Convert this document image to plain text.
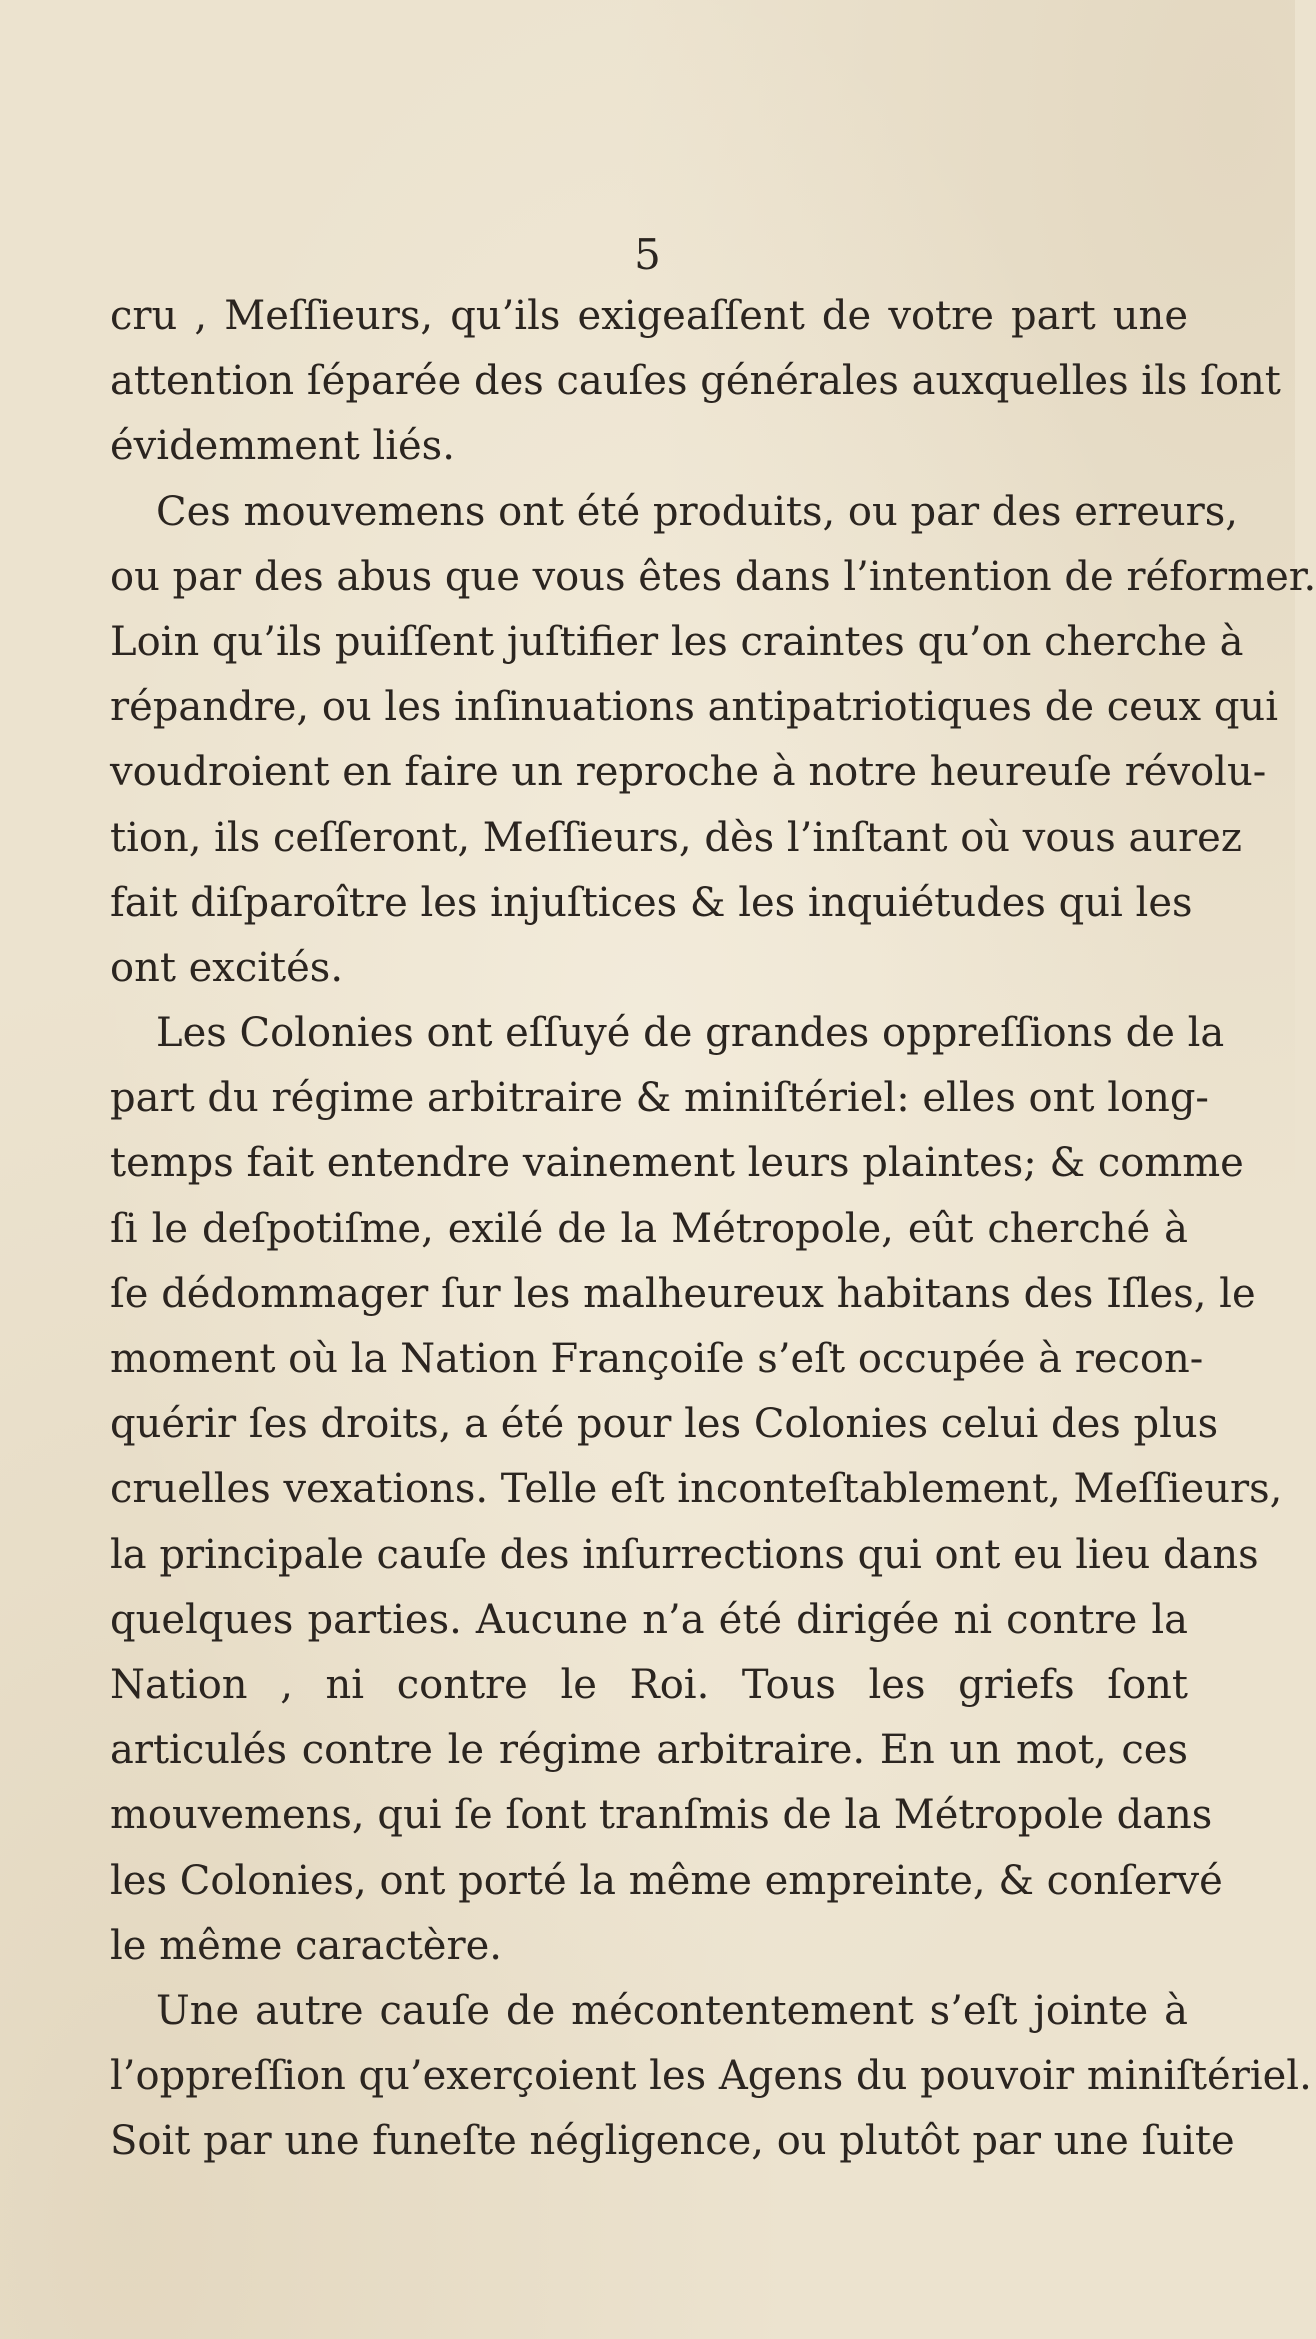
5
cru , Meſſieurs, qu’ils exigeaſſent de votre part une
attention ſéparée des cauſes générales auxquelles ils ſont
évidemment liés.
Ces mouvemens ont été produits, ou par des erreurs,
ou par des abus que vous êtes dans l’intention de réformer.
Loin qu’ils puiſſent juſtifier les craintes qu’on cherche à
répandre, ou les inſinuations antipatriotiques de ceux qui
voudroient en faire un reproche à notre heureuſe révolu-
tion, ils ceſſeront, Meſſieurs, dès l’inſtant où vous aurez
fait diſparoître les injuſtices & les inquiétudes qui les
ont excités.
Les Colonies ont eſſuyé de grandes oppreſſions de la
part du régime arbitraire & miniſtériel: elles ont long-
temps fait entendre vainement leurs plaintes; & comme
ſi le deſpotiſme, exilé de la Métropole, eût cherché à
ſe dédommager ſur les malheureux habitans des Iſles, le
moment où la Nation Françoiſe s’eſt occupée à recon-
quérir ſes droits, a été pour les Colonies celui des plus
cruelles vexations. Telle eſt inconteſtablement, Meſſieurs,
la principale cauſe des inſurrections qui ont eu lieu dans
quelques parties. Aucune n’a été dirigée ni contre la
Nation , ni contre le Roi. Tous les griefs ſont
articulés contre le régime arbitraire. En un mot, ces
mouvemens, qui ſe ſont tranſmis de la Métropole dans
les Colonies, ont porté la même empreinte, & conſervé
le même caractère.
Une autre cauſe de mécontentement s’eſt jointe à
l’oppreſſion qu’exerçoient les Agens du pouvoir miniſtériel.
Soit par une funeſte négligence, ou plutôt par une ſuite
